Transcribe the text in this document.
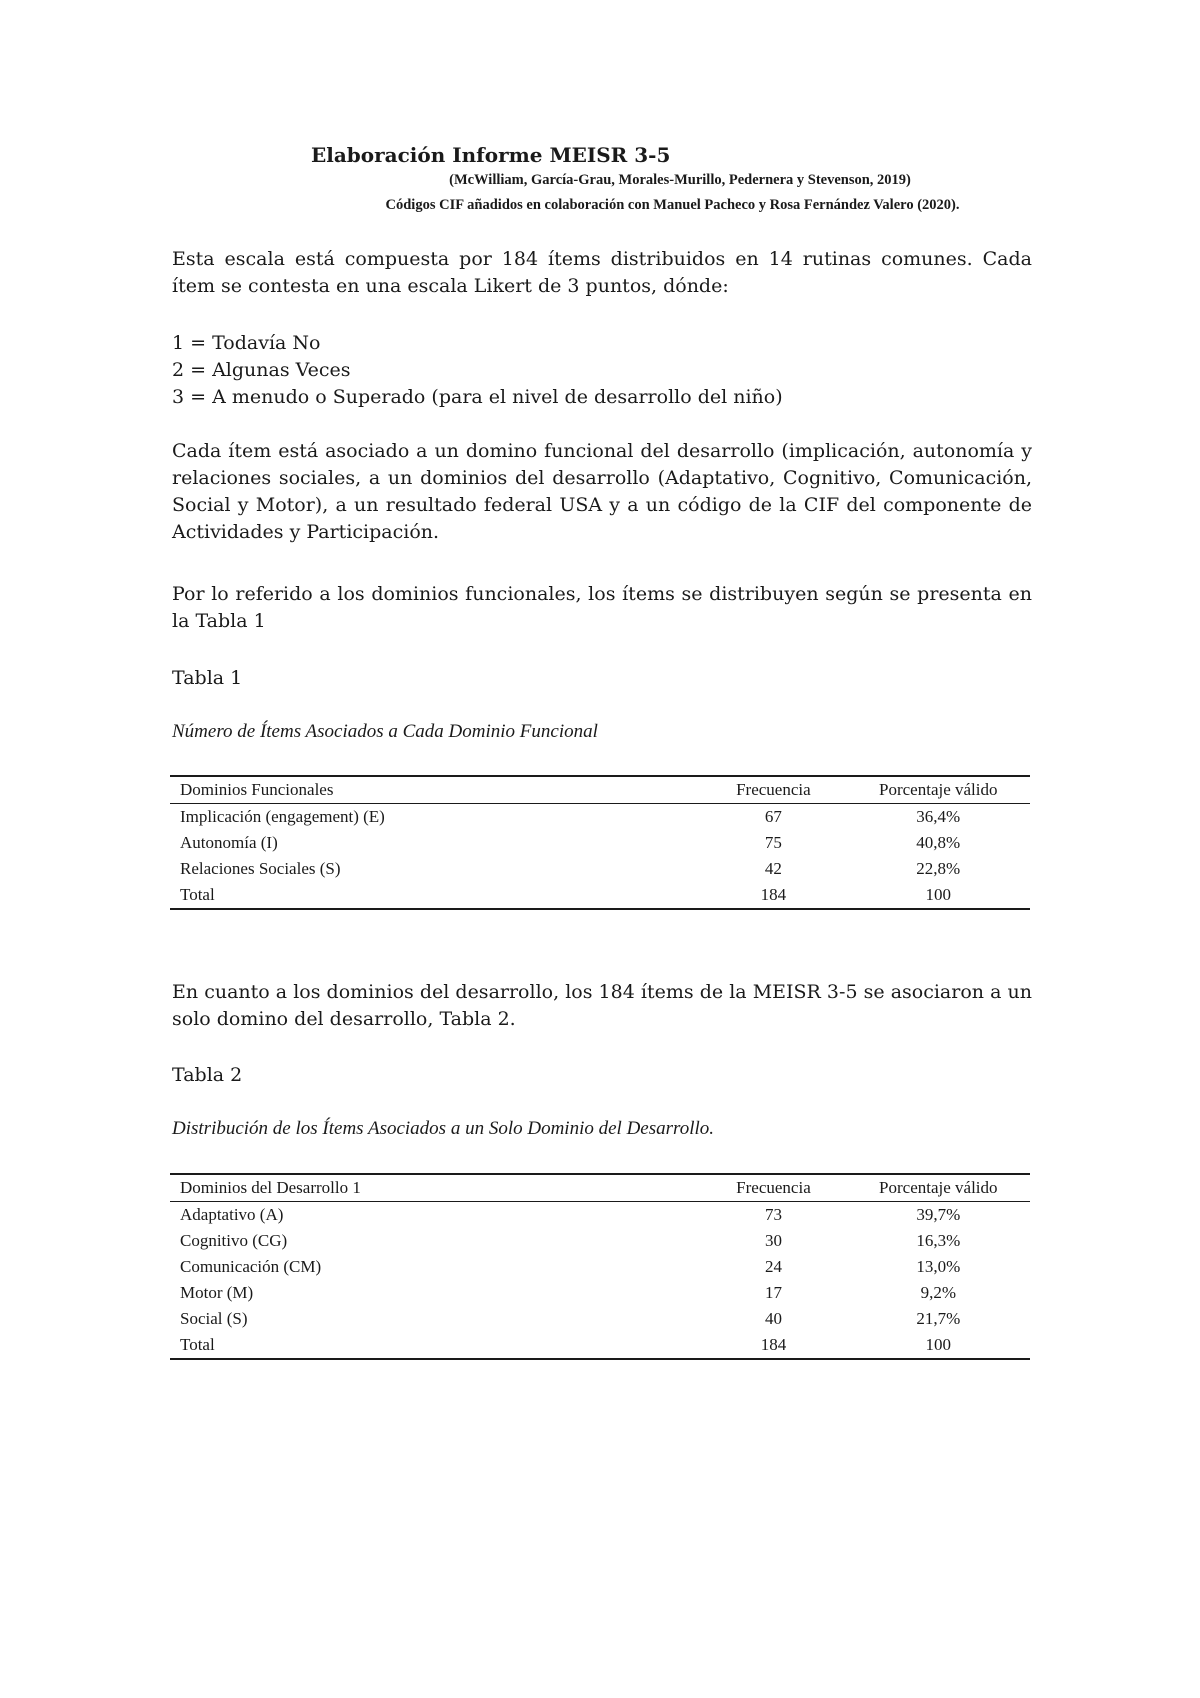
Elaboración Informe MEISR 3-5

(McWilliam, García-Grau, Morales-Murillo, Pedernera y Stevenson, 2019)

Códigos CIF añadidos en colaboración con Manuel Pacheco y Rosa Fernández Valero (2020).

Esta escala está compuesta por 184 ítems distribuidos en 14 rutinas comunes. Cada ítem se contesta en una escala Likert de 3 puntos, dónde:

1 = Todavía No

2 = Algunas Veces

3 = A menudo o Superado (para el nivel de desarrollo del niño)

Cada ítem está asociado a un domino funcional del desarrollo (implicación, autonomía y relaciones sociales, a un dominios del desarrollo (Adaptativo, Cognitivo, Comunicación, Social y Motor), a un resultado federal USA y a un código de la CIF del componente de Actividades y Participación.

Por lo referido a los dominios funcionales, los ítems se distribuyen según se presenta en la Tabla 1

Tabla 1

Número de Ítems Asociados a Cada Dominio Funcional

Dominios Funcionales	Frecuencia	Porcentaje válido
Implicación (engagement) (E)	67	36,4%
Autonomía (I)	75	40,8%
Relaciones Sociales (S)	42	22,8%
Total	184	100

En cuanto a los dominios del desarrollo, los 184 ítems de la MEISR 3-5 se asociaron a un solo domino del desarrollo, Tabla 2.

Tabla 2

Distribución de los Ítems Asociados a un Solo Dominio del Desarrollo.

Dominios del Desarrollo 1	Frecuencia	Porcentaje válido
Adaptativo (A)	73	39,7%
Cognitivo (CG)	30	16,3%
Comunicación (CM)	24	13,0%
Motor (M)	17	9,2%
Social (S)	40	21,7%
Total	184	100
